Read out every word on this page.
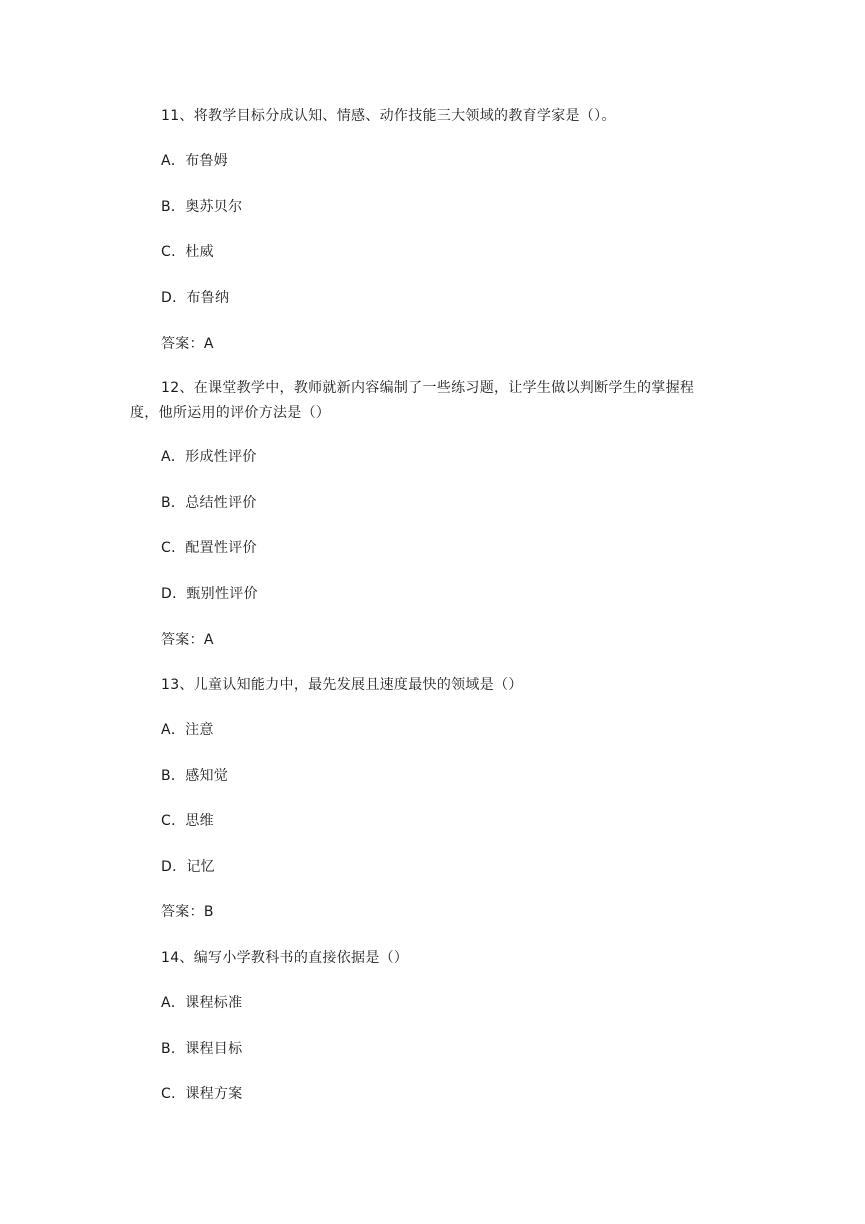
11、将教学目标分成认知、情感、动作技能三大领域的教育学家是（）。
A．布鲁姆
B．奥苏贝尔
C．杜威
D．布鲁纳
答案：A
12、在课堂教学中，教师就新内容编制了一些练习题，让学生做以判断学生的掌握程
度，他所运用的评价方法是（）
A．形成性评价
B．总结性评价
C．配置性评价
D．甄别性评价
答案：A
13、儿童认知能力中，最先发展且速度最快的领域是（）
A．注意
B．感知觉
C．思维
D．记忆
答案：B
14、编写小学教科书的直接依据是（）
A．课程标准
B．课程目标
C．课程方案
